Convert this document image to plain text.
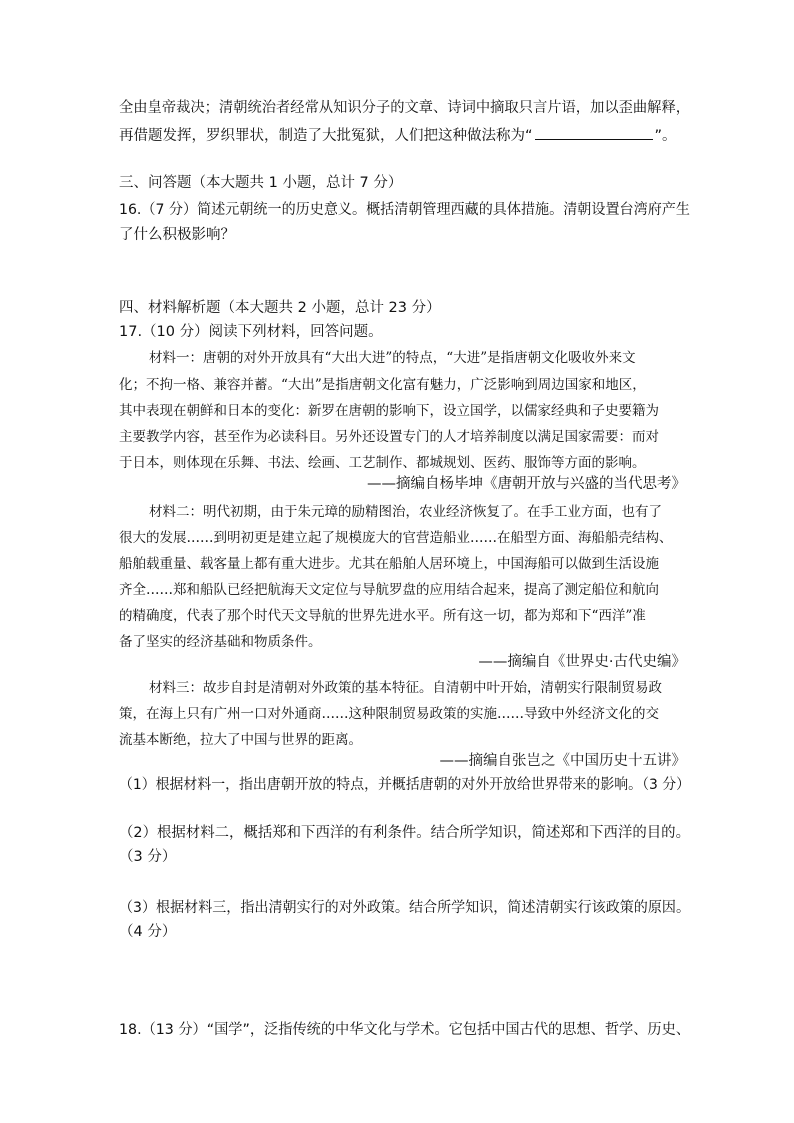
全由皇帝裁决；清朝统治者经常从知识分子的文章、诗词中摘取只言片语，加以歪曲解释，
再借题发挥，罗织罪状，制造了大批冤狱，人们把这种做法称为“	”。
三、问答题（本大题共 1 小题，总计 7 分）
16.（7 分）简述元朝统一的历史意义。概括清朝管理西藏的具体措施。清朝设置台湾府产生
了什么积极影响？
四、材料解析题（本大题共 2 小题，总计 23 分）
17.（10 分）阅读下列材料，回答问题。
材料一：唐朝的对外开放具有“大出大进”的特点，“大进”是指唐朝文化吸收外来文
化；不拘一格、兼容并蓄。“大出”是指唐朝文化富有魅力，广泛影响到周边国家和地区，
其中表现在朝鲜和日本的变化：新罗在唐朝的影响下，设立国学，以儒家经典和子史要籍为
主要教学内容，甚至作为必读科目。另外还设置专门的人才培养制度以满足国家需要：而对
于日本，则体现在乐舞、书法、绘画、工艺制作、都城规划、医药、服饰等方面的影响。
——摘编自杨毕坤《唐朝开放与兴盛的当代思考》
材料二：明代初期，由于朱元璋的励精图治，农业经济恢复了。在手工业方面，也有了
很大的发展……到明初更是建立起了规模庞大的官营造船业……在船型方面、海船船壳结构、
船舶载重量、载客量上都有重大进步。尤其在船舶人居环境上，中国海船可以做到生活设施
齐全……郑和船队已经把航海天文定位与导航罗盘的应用结合起来，提高了测定船位和航向
的精确度，代表了那个时代天文导航的世界先进水平。所有这一切，都为郑和下“西洋”准
备了坚实的经济基础和物质条件。
——摘编自《世界史·古代史编》
材料三：故步自封是清朝对外政策的基本特征。自清朝中叶开始，清朝实行限制贸易政
策，在海上只有广州一口对外通商……这种限制贸易政策的实施……导致中外经济文化的交
流基本断绝，拉大了中国与世界的距离。
——摘编自张岂之《中国历史十五讲》
（1）根据材料一，指出唐朝开放的特点，并概括唐朝的对外开放给世界带来的影响。（3 分）
（2）根据材料二，概括郑和下西洋的有利条件。结合所学知识，简述郑和下西洋的目的。
（3 分）
（3）根据材料三，指出清朝实行的对外政策。结合所学知识，简述清朝实行该政策的原因。
（4 分）
18.（13 分）“国学”，泛指传统的中华文化与学术。它包括中国古代的思想、哲学、历史、
